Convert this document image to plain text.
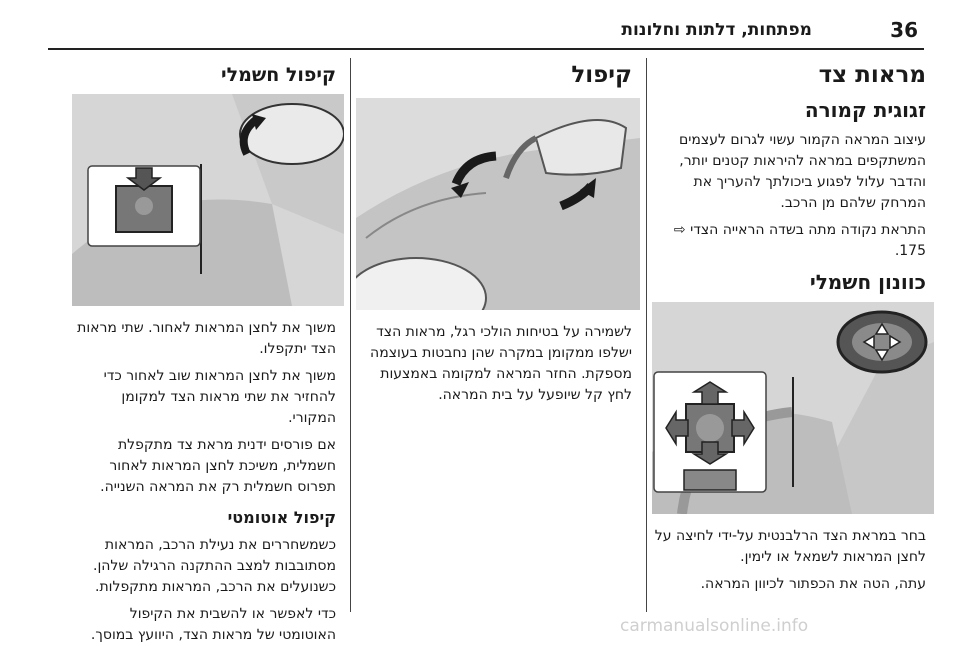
36
מפתחות, דלתות וחלונות
מראות צד
זגוגית קמורה

עיצוב המראה הקמור עשוי לגרום לעצמים המשתקפים במראה להיראות קטנים יותר, והדבר עלול לפגוע ביכולתך להעריך את המרחק שלהם מן הרכב.

התראת נקודה מתה בשדה הראייה הצדי ⇨ 175.

כוונון חשמלי

בחר במראת הצד הרלבנטית על-ידי לחיצה על לחצן המראות לשמאל או לימין.

עתה, הטה את הכפתור לכיוון המראה.

קיפול

לשמירה על בטיחות הולכי רגל, מראות הצד ישלפו ממקומן במקרה שהן נחבטות בעוצמה מספקת. החזר המראה למקומה באמצעות לחץ קל שיופעל על בית המראה.

קיפול חשמלי

משוך את לחצן המראות לאחור. שתי מראות הצד יתקפלו.

משוך את לחצן המראות שוב לאחור כדי להחזיר את שתי מראות הצד למקומן המקורי.

אם פורסים ידנית מראת צד מתקפלת חשמלית, משיכת לחצן המראות לאחור תפרוס חשמלית רק את המראה השנייה.

קיפול אוטומטי

כשמשחררים את נעילת הרכב, המראות מסתובבות למצב ההתקנה הרגילה שלהן. כשנועלים את הרכב, המראות מתקפלות.

כדי לאפשר או להשבית את הקיפול האוטומטי של מראות הצד, היוועץ במוסך.	carmanualsonline.info
